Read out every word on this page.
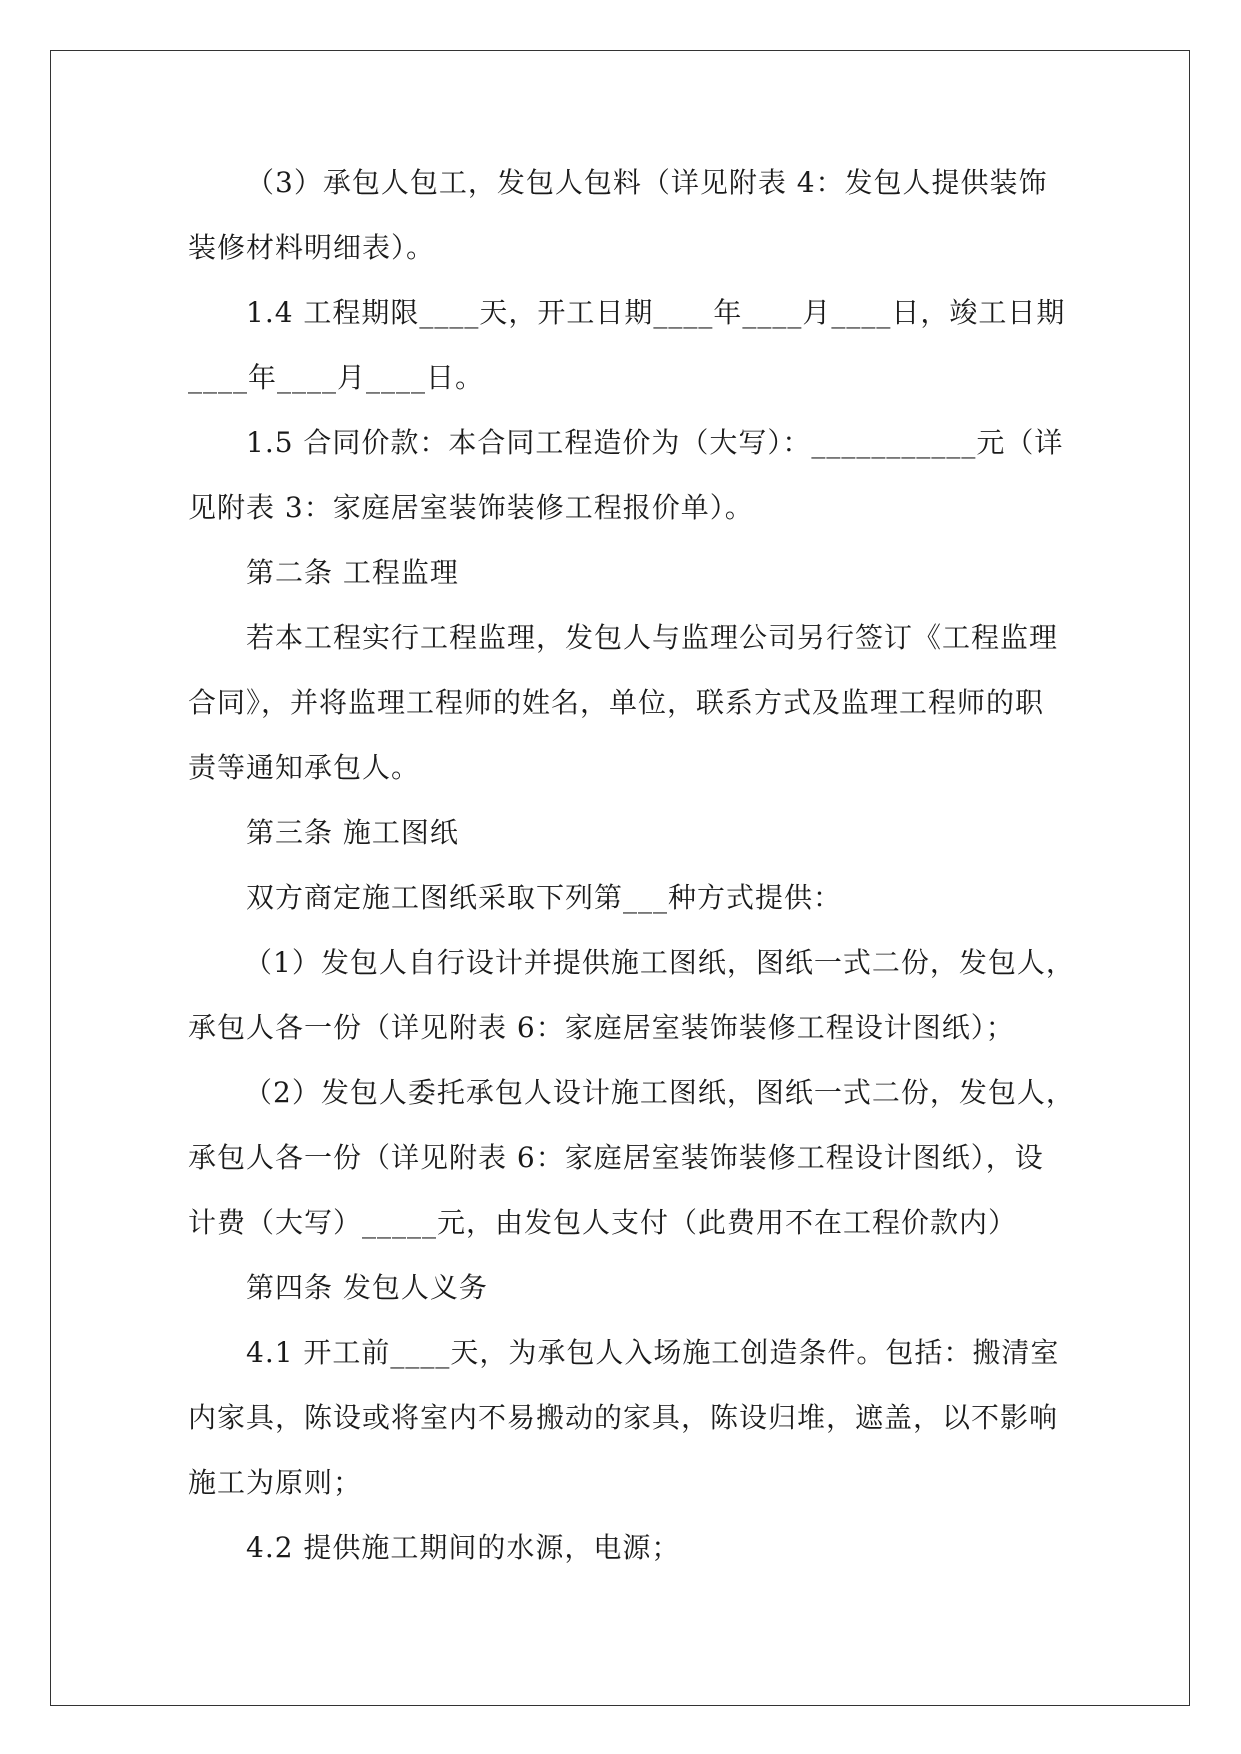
（3）承包人包工，发包人包料（详见附表 4：发包人提供装饰
装修材料明细表）。
1.4 工程期限____天，开工日期____年____月____日，竣工日期
____年____月____日。
1.5 合同价款：本合同工程造价为（大写）：___________元（详
见附表 3：家庭居室装饰装修工程报价单）。
第二条 工程监理
若本工程实行工程监理，发包人与监理公司另行签订《工程监理
合同》，并将监理工程师的姓名，单位，联系方式及监理工程师的职
责等通知承包人。
第三条 施工图纸
双方商定施工图纸采取下列第___种方式提供：
（1）发包人自行设计并提供施工图纸，图纸一式二份，发包人，
承包人各一份（详见附表 6：家庭居室装饰装修工程设计图纸）；
（2）发包人委托承包人设计施工图纸，图纸一式二份，发包人，
承包人各一份（详见附表 6：家庭居室装饰装修工程设计图纸），设
计费（大写）_____元，由发包人支付（此费用不在工程价款内）
第四条 发包人义务
4.1 开工前____天，为承包人入场施工创造条件。包括：搬清室
内家具，陈设或将室内不易搬动的家具，陈设归堆，遮盖，以不影响
施工为原则；
4.2 提供施工期间的水源，电源；
